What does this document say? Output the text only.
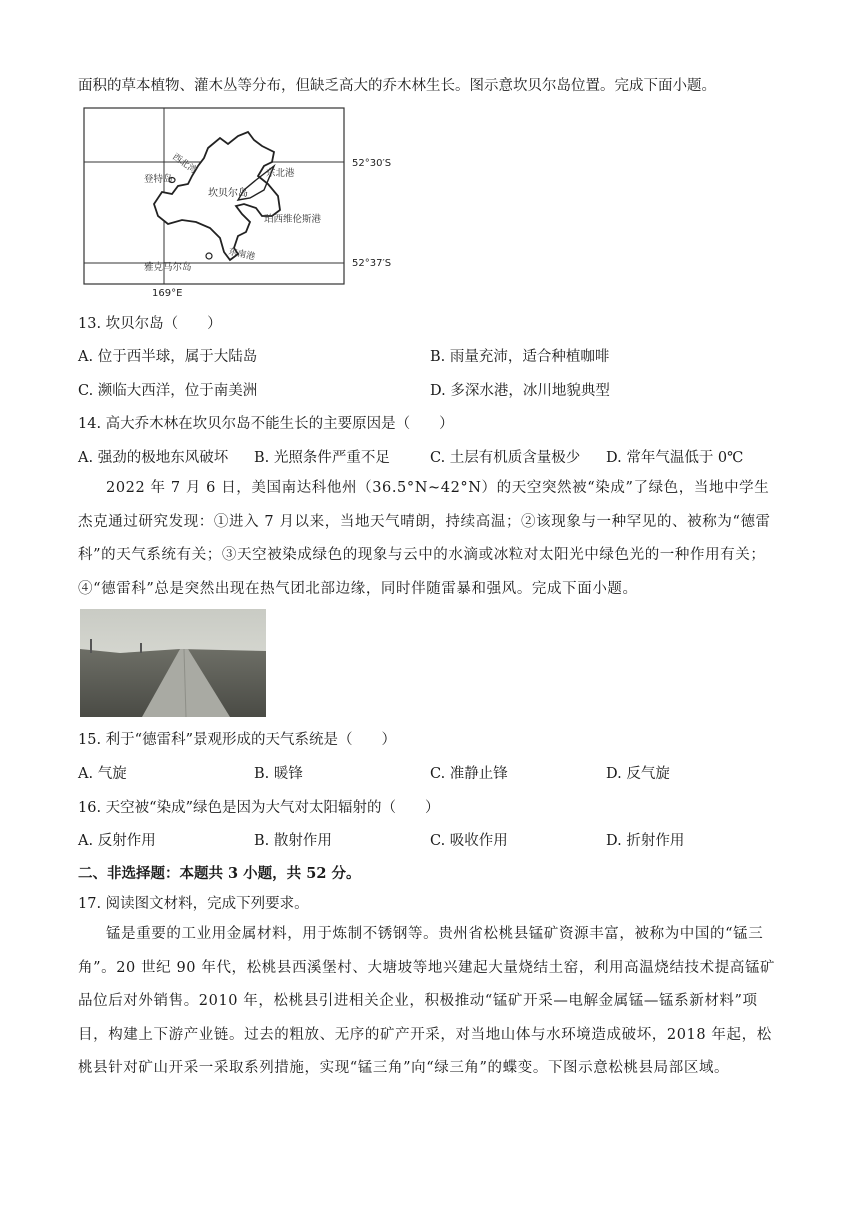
面积的草本植物、灌木丛等分布，但缺乏高大的乔木林生长。图示意坎贝尔岛位置。完成下面小题。
西北湾
登特岛
东北港
坎贝尔岛
珀西维伦斯港
东南港
雅克马尔岛
52°30′S
52°37′S
169°E
13. 坎贝尔岛（　　）
A. 位于西半球，属于大陆岛	B. 雨量充沛，适合种植咖啡
C. 濒临大西洋，位于南美洲	D. 多深水港，冰川地貌典型
14. 高大乔木林在坎贝尔岛不能生长的主要原因是（　　）
A. 强劲的极地东风破坏 B. 光照条件严重不足	C. 土层有机质含量极少 D. 常年气温低于 0℃
2022 年 7 月 6 日，美国南达科他州（36.5°N~42°N）的天空突然被“染成”了绿色，当地中学生杰克通过研究发现：①进入 7 月以来，当地天气晴朗，持续高温；②该现象与一种罕见的、被称为“德雷科”的天气系统有关；③天空被染成绿色的现象与云中的水滴或冰粒对太阳光中绿色光的一种作用有关；④“德雷科”总是突然出现在热气团北部边缘，同时伴随雷暴和强风。完成下面小题。
15. 利于“德雷科”景观形成的天气系统是（　　）
A. 气旋	B. 暖锋	C. 准静止锋	D. 反气旋
16. 天空被“染成”绿色是因为大气对太阳辐射的（　　）
A. 反射作用	B. 散射作用	C. 吸收作用	D. 折射作用
二、非选择题：本题共 3 小题，共 52 分。
17. 阅读图文材料，完成下列要求。
锰是重要的工业用金属材料，用于炼制不锈钢等。贵州省松桃县锰矿资源丰富，被称为中国的“锰三角”。20 世纪 90 年代，松桃县西溪堡村、大塘坡等地兴建起大量烧结土窑，利用高温烧结技术提高锰矿品位后对外销售。2010 年，松桃县引进相关企业，积极推动“锰矿开采—电解金属锰—锰系新材料”项目，构建上下游产业链。过去的粗放、无序的矿产开采，对当地山体与水环境造成破坏，2018 年起，松桃县针对矿山开采一采取系列措施，实现“锰三角”向“绿三角”的蝶变。下图示意松桃县局部区域。
